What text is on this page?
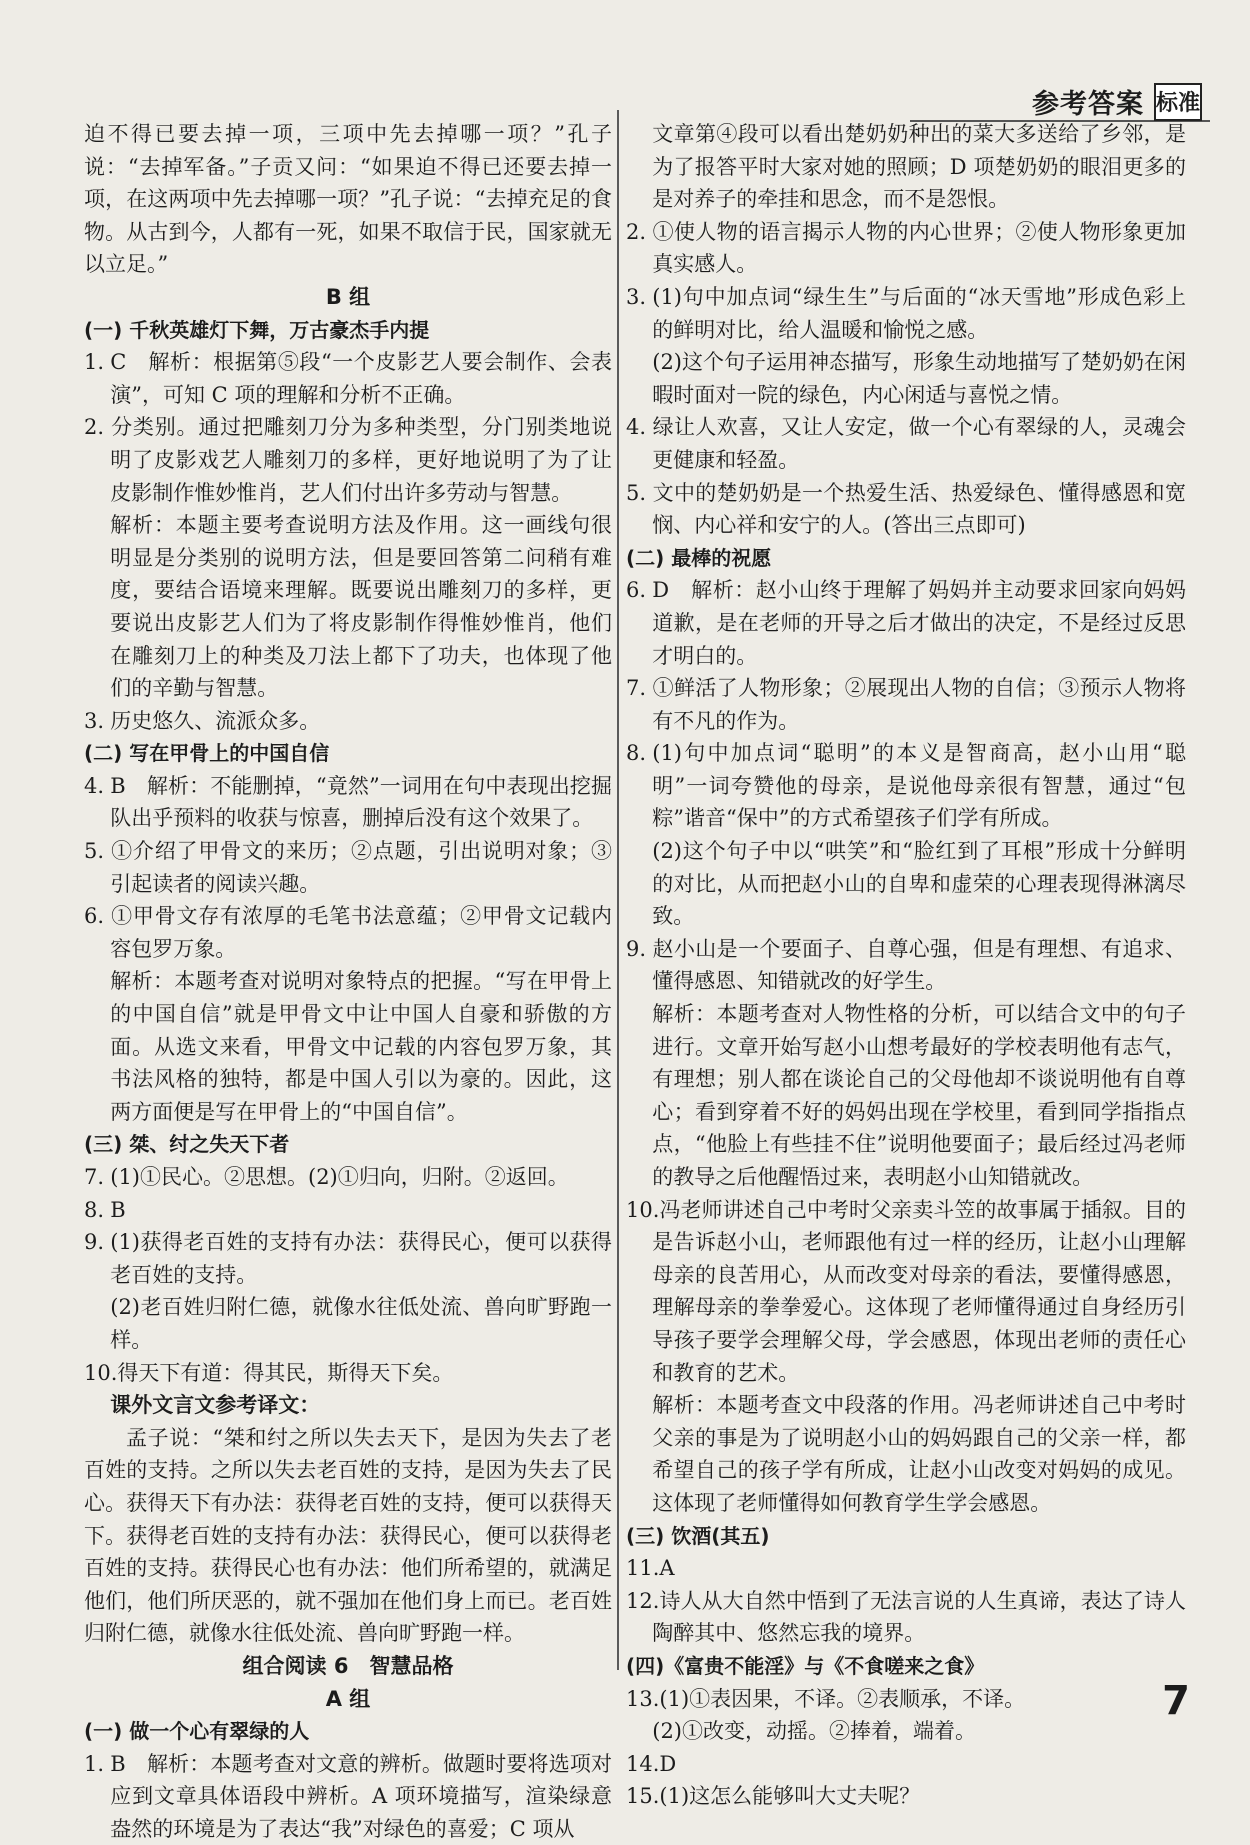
参考答案 标准

迫不得已要去掉一项，三项中先去掉哪一项？”孔子说：“去掉军备。”子贡又问：“如果迫不得已还要去掉一项，在这两项中先去掉哪一项？”孔子说：“去掉充足的食物。从古到今，人都有一死，如果不取信于民，国家就无以立足。”

B 组

(一) 千秋英雄灯下舞，万古豪杰手内提

1. C　解析：根据第⑤段“一个皮影艺人要会制作、会表演”，可知 C 项的理解和分析不正确。

2. 分类别。通过把雕刻刀分为多种类型，分门别类地说明了皮影戏艺人雕刻刀的多样，更好地说明了为了让皮影制作惟妙惟肖，艺人们付出许多劳动与智慧。

解析：本题主要考查说明方法及作用。这一画线句很明显是分类别的说明方法，但是要回答第二问稍有难度，要结合语境来理解。既要说出雕刻刀的多样，更要说出皮影艺人们为了将皮影制作得惟妙惟肖，他们在雕刻刀上的种类及刀法上都下了功夫，也体现了他们的辛勤与智慧。

3. 历史悠久、流派众多。

(二) 写在甲骨上的中国自信

4. B　解析：不能删掉，“竟然”一词用在句中表现出挖掘队出乎预料的收获与惊喜，删掉后没有这个效果了。

5. ①介绍了甲骨文的来历；②点题，引出说明对象；③引起读者的阅读兴趣。

6. ①甲骨文存有浓厚的毛笔书法意蕴；②甲骨文记载内容包罗万象。

解析：本题考查对说明对象特点的把握。“写在甲骨上的中国自信”就是甲骨文中让中国人自豪和骄傲的方面。从选文来看，甲骨文中记载的内容包罗万象，其书法风格的独特，都是中国人引以为豪的。因此，这两方面便是写在甲骨上的“中国自信”。

(三) 桀、纣之失天下者

7. (1)①民心。②思想。(2)①归向，归附。②返回。

8. B

9. (1)获得老百姓的支持有办法：获得民心，便可以获得老百姓的支持。

(2)老百姓归附仁德，就像水往低处流、兽向旷野跑一样。

10.得天下有道：得其民，斯得天下矣。

课外文言文参考译文：

孟子说：“桀和纣之所以失去天下，是因为失去了老百姓的支持。之所以失去老百姓的支持，是因为失去了民心。获得天下有办法：获得老百姓的支持，便可以获得天下。获得老百姓的支持有办法：获得民心，便可以获得老百姓的支持。获得民心也有办法：他们所希望的，就满足他们，他们所厌恶的，就不强加在他们身上而已。老百姓归附仁德，就像水往低处流、兽向旷野跑一样。

组合阅读 6　智慧品格

A 组

(一) 做一个心有翠绿的人

1. B　解析：本题考查对文意的辨析。做题时要将选项对应到文章具体语段中辨析。A 项环境描写，渲染绿意盎然的环境是为了表达“我”对绿色的喜爱；C 项从

文章第④段可以看出楚奶奶种出的菜大多送给了乡邻，是为了报答平时大家对她的照顾；D 项楚奶奶的眼泪更多的是对养子的牵挂和思念，而不是怨恨。

2. ①使人物的语言揭示人物的内心世界；②使人物形象更加真实感人。

3. (1)句中加点词“绿生生”与后面的“冰天雪地”形成色彩上的鲜明对比，给人温暖和愉悦之感。

(2)这个句子运用神态描写，形象生动地描写了楚奶奶在闲暇时面对一院的绿色，内心闲适与喜悦之情。

4. 绿让人欢喜，又让人安定，做一个心有翠绿的人，灵魂会更健康和轻盈。

5. 文中的楚奶奶是一个热爱生活、热爱绿色、懂得感恩和宽悯、内心祥和安宁的人。(答出三点即可)

(二) 最棒的祝愿

6. D　解析：赵小山终于理解了妈妈并主动要求回家向妈妈道歉，是在老师的开导之后才做出的决定，不是经过反思才明白的。

7. ①鲜活了人物形象；②展现出人物的自信；③预示人物将有不凡的作为。

8. (1)句中加点词“聪明”的本义是智商高，赵小山用“聪明”一词夸赞他的母亲，是说他母亲很有智慧，通过“包粽”谐音“保中”的方式希望孩子们学有所成。

(2)这个句子中以“哄笑”和“脸红到了耳根”形成十分鲜明的对比，从而把赵小山的自卑和虚荣的心理表现得淋漓尽致。

9. 赵小山是一个要面子、自尊心强，但是有理想、有追求、懂得感恩、知错就改的好学生。

解析：本题考查对人物性格的分析，可以结合文中的句子进行。文章开始写赵小山想考最好的学校表明他有志气，有理想；别人都在谈论自己的父母他却不谈说明他有自尊心；看到穿着不好的妈妈出现在学校里，看到同学指指点点，“他脸上有些挂不住”说明他要面子；最后经过冯老师的教导之后他醒悟过来，表明赵小山知错就改。

10.冯老师讲述自己中考时父亲卖斗笠的故事属于插叙。目的是告诉赵小山，老师跟他有过一样的经历，让赵小山理解母亲的良苦用心，从而改变对母亲的看法，要懂得感恩，理解母亲的拳拳爱心。这体现了老师懂得通过自身经历引导孩子要学会理解父母，学会感恩，体现出老师的责任心和教育的艺术。

解析：本题考查文中段落的作用。冯老师讲述自己中考时父亲的事是为了说明赵小山的妈妈跟自己的父亲一样，都希望自己的孩子学有所成，让赵小山改变对妈妈的成见。这体现了老师懂得如何教育学生学会感恩。

(三) 饮酒(其五)

11.A

12.诗人从大自然中悟到了无法言说的人生真谛，表达了诗人陶醉其中、悠然忘我的境界。

(四)《富贵不能淫》与《不食嗟来之食》

13.(1)①表因果，不译。②表顺承，不译。

(2)①改变，动摇。②捧着，端着。

14.D

15.(1)这怎么能够叫大丈夫呢？

7
